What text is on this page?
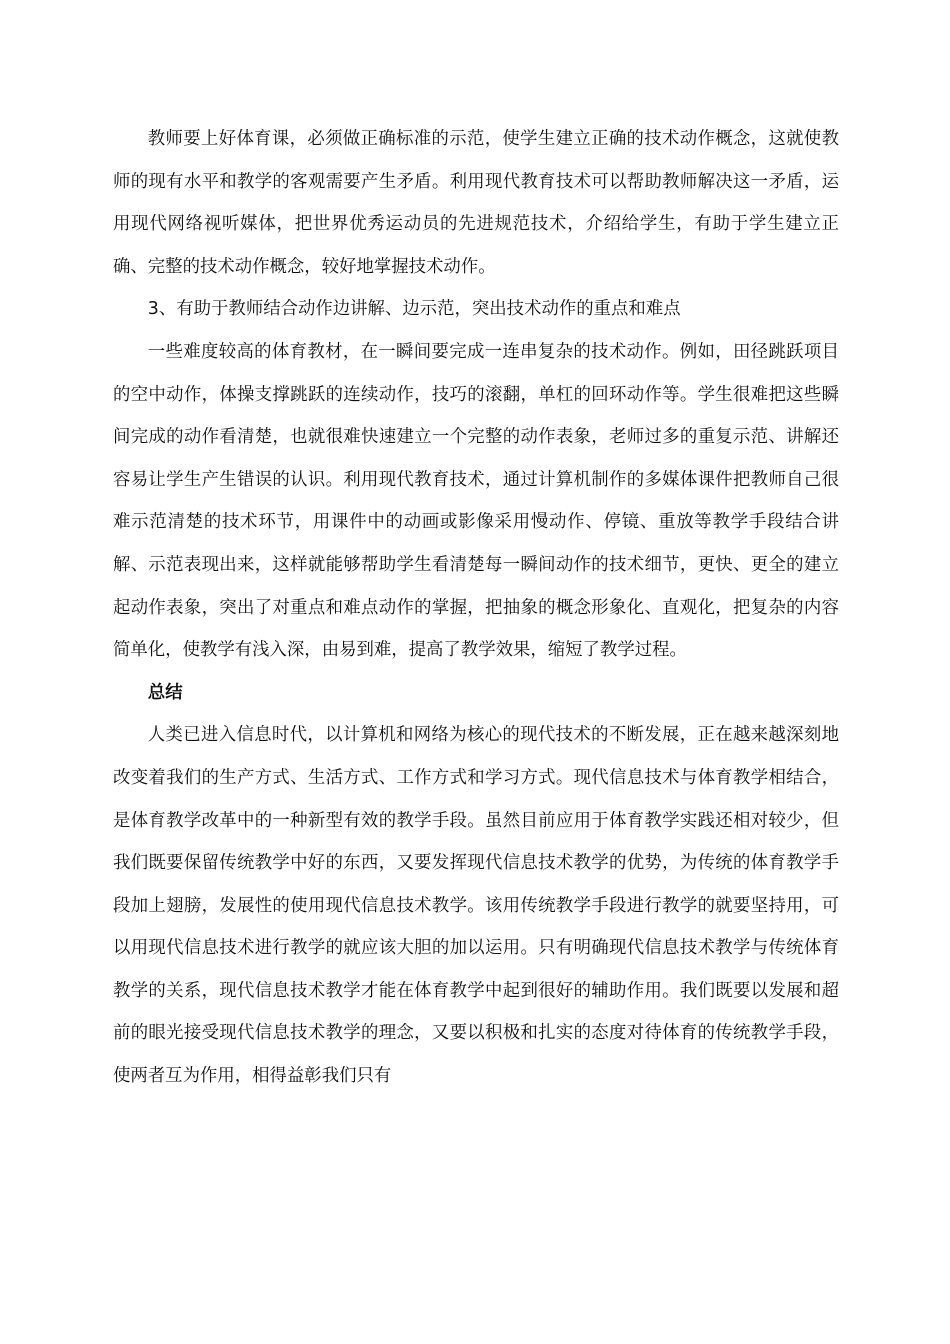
教师要上好体育课，必须做正确标准的示范，使学生建立正确的技术动作概念，这就使教师的现有水平和教学的客观需要产生矛盾。利用现代教育技术可以帮助教师解决这一矛盾，运用现代网络视听媒体，把世界优秀运动员的先进规范技术，介绍给学生，有助于学生建立正确、完整的技术动作概念，较好地掌握技术动作。

3、有助于教师结合动作边讲解、边示范，突出技术动作的重点和难点

一些难度较高的体育教材，在一瞬间要完成一连串复杂的技术动作。例如，田径跳跃项目的空中动作，体操支撑跳跃的连续动作，技巧的滚翻，单杠的回环动作等。学生很难把这些瞬间完成的动作看清楚，也就很难快速建立一个完整的动作表象，老师过多的重复示范、讲解还容易让学生产生错误的认识。利用现代教育技术，通过计算机制作的多媒体课件把教师自己很难示范清楚的技术环节，用课件中的动画或影像采用慢动作、停镜、重放等教学手段结合讲解、示范表现出来，这样就能够帮助学生看清楚每一瞬间动作的技术细节，更快、更全的建立起动作表象，突出了对重点和难点动作的掌握，把抽象的概念形象化、直观化，把复杂的内容简单化，使教学有浅入深，由易到难，提高了教学效果，缩短了教学过程。

总结

人类已进入信息时代，以计算机和网络为核心的现代技术的不断发展，正在越来越深刻地改变着我们的生产方式、生活方式、工作方式和学习方式。现代信息技术与体育教学相结合，是体育教学改革中的一种新型有效的教学手段。虽然目前应用于体育教学实践还相对较少，但我们既要保留传统教学中好的东西，又要发挥现代信息技术教学的优势，为传统的体育教学手段加上翅膀，发展性的使用现代信息技术教学。该用传统教学手段进行教学的就要坚持用，可以用现代信息技术进行教学的就应该大胆的加以运用。只有明确现代信息技术教学与传统体育教学的关系，现代信息技术教学才能在体育教学中起到很好的辅助作用。我们既要以发展和超前的眼光接受现代信息技术教学的理念，又要以积极和扎实的态度对待体育的传统教学手段，使两者互为作用，相得益彰我们只有
